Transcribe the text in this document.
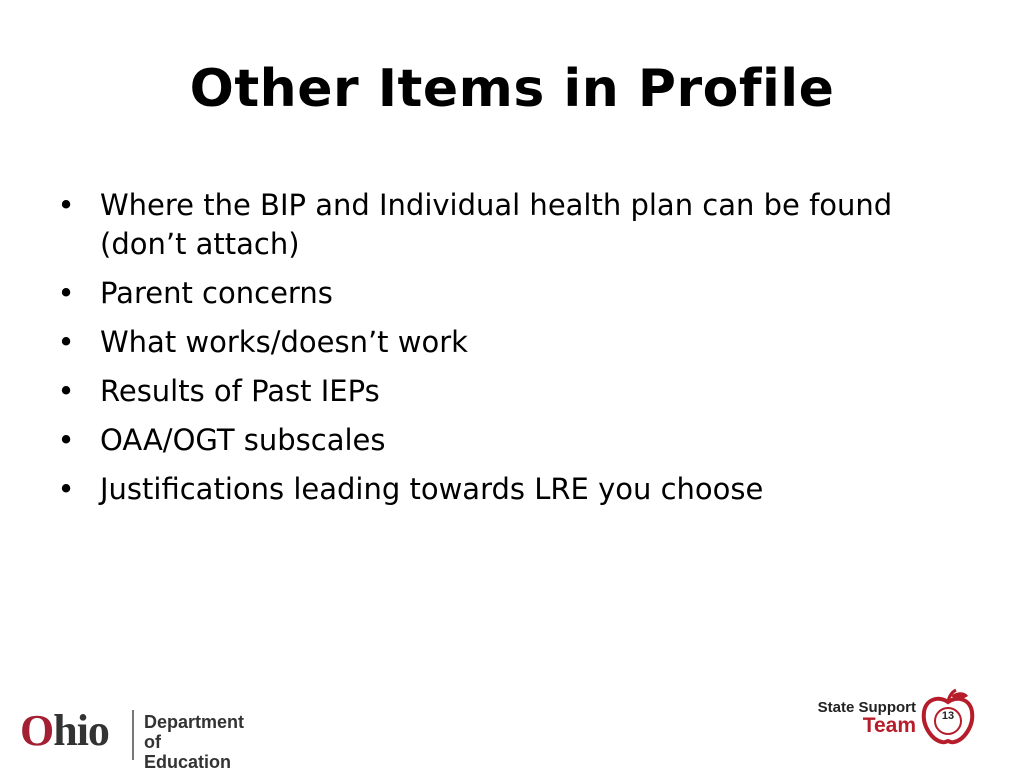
Other Items in Profile
• Where the BIP and Individual health plan can be found (don’t attach)
• Parent concerns
• What works/doesn’t work
• Results of Past IEPs
• OAA/OGT subscales
• Justifications leading towards LRE you choose
Ohio Department
of Education
State Support
Team	13
